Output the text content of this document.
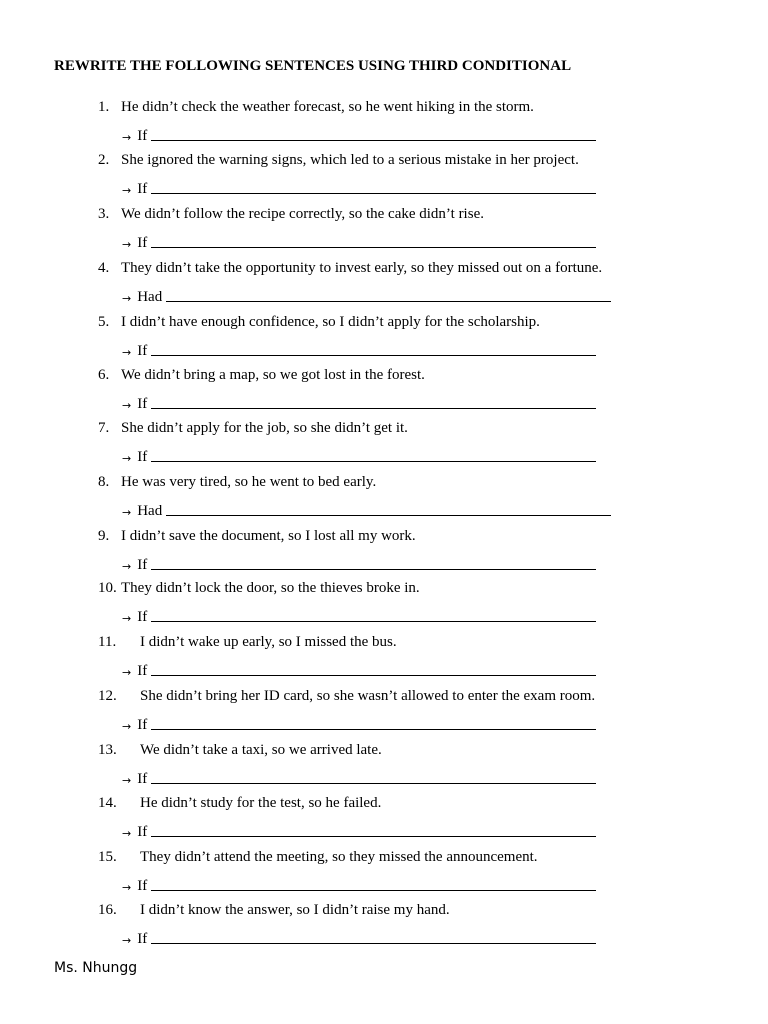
REWRITE THE FOLLOWING SENTENCES USING THIRD CONDITIONAL
1. He didn’t check the weather forecast, so he went hiking in the storm.
→ If
2. She ignored the warning signs, which led to a serious mistake in her project.
→ If
3. We didn’t follow the recipe correctly, so the cake didn’t rise.
→ If
4. They didn’t take the opportunity to invest early, so they missed out on a fortune.
→ Had
5. I didn’t have enough confidence, so I didn’t apply for the scholarship.
→ If
6. We didn’t bring a map, so we got lost in the forest.
→ If
7. She didn’t apply for the job, so she didn’t get it.
→ If
8. He was very tired, so he went to bed early.
→ Had
9. I didn’t save the document, so I lost all my work.
→ If
10. They didn’t lock the door, so the thieves broke in.
→ If
11. I didn’t wake up early, so I missed the bus.
→ If
12. She didn’t bring her ID card, so she wasn’t allowed to enter the exam room.
→ If
13. We didn’t take a taxi, so we arrived late.
→ If
14. He didn’t study for the test, so he failed.
→ If
15. They didn’t attend the meeting, so they missed the announcement.
→ If
16. I didn’t know the answer, so I didn’t raise my hand.
→ If
Ms. Nhungg
